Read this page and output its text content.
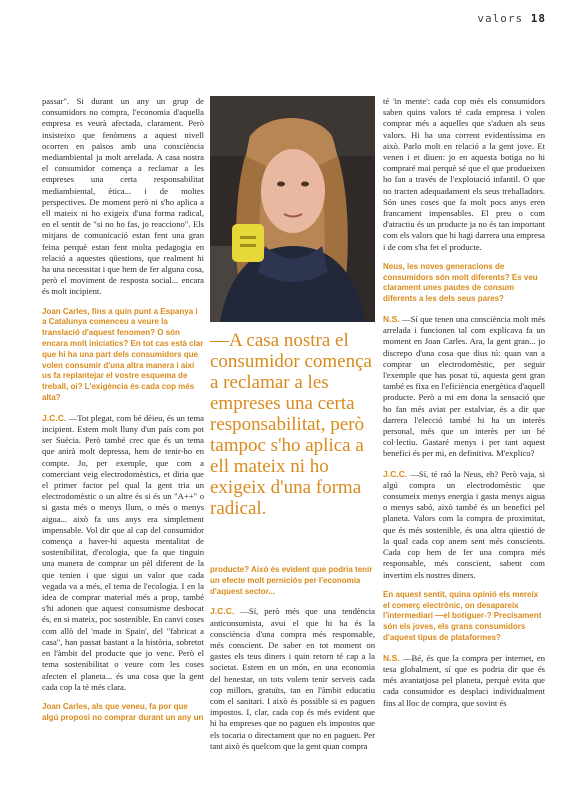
valors 18

passar". Si durant un any un grup de consumidors no compra, l'economia d'aquella empresa es veurà afectada, clarament. Però insisteixo que fenòmens a aquest nivell ocorren en països amb una consciència mediambiental ja molt arrelada. A casa nostra el consumidor comença a reclamar a les empreses una certa responsabilitat mediambiental, ètica... i de moltes perspectives. De moment però ni s'ho aplica a ell mateix ni ho exigeix d'una forma radical, en el sentit de "si no ho fas, jo reacciono". Els mitjans de comunicació estan fent una gran feina perquè estan fent molta pedagogia en relació a aquestes qüestions, que realment hi ha una necessitat i que hem de fer alguna cosa, però el moviment de resposta social... encara és molt incipient.

Joan Carles, fins a quin punt a Espanya i a Catalunya comenceu a veure la translació d'aquest fenomen? O són encara molt inicíatics? En tot cas està clar que hi ha una part dels consumidors que volen consumir d'una altra manera i així us fa replantejar el vostre esquema de treball, oi? L'exigència és cada cop més alta?

J.C.C. —Tot plegat, com bé dèieu, és un tema incipient. Estem molt lluny d'un país com pot ser Suècia. Però també crec que és un tema que anirà molt depressa, hem de tenir-ho en compte. Jo, per exemple, que com a comerciant veig electrodomèstics, et diria que el primer factor pel qual la gent tria un electrodomèstic o un altre és si és un "A++" o si gasta més o menys llum, o més o menys aigua... això fa uns anys era simplement impensable. Vol dir que al cap del consumidor comença a haver-hi aquesta mentalitat de sostenibilitat, d'ecologia, que fa que tinguin una manera de comprar un pèl diferent de la que tenien i que sigui un valor que cada vegada va a més, el tema de l'ecologia. I en la idea de comprar material més a prop, també s'hi adonen que aquest consumisme desbocat és, en si mateix, poc sostenible. En canvi coses com allò del 'made in Spain', del "fabricat a casa", han passat bastant a la història, sobretot en l'àmbit del producte que jo venc. Però el tema sostenibilitat o veure com les coses afecten el planeta... és una cosa que la gent cada cop la té més clara.

Joan Carles, als que veneu, fa por que algú proposi no comprar durant un any un

—A casa nostra el consumidor comença a reclamar a les empreses una certa responsabilitat, però tampoc s'ho aplica a ell mateix ni ho exigeix d'una forma radical.

producte? Això és evident que podria tenir un efecte molt perniciós per l'economia d'aquest sector...

J.C.C. —Sí, però més que una tendència anticonsumista, avui el que hi ha és la consciència d'una compra més responsable, més conscient. De saber en tot moment on gastes els teus diners i quin retorn té cap a la societat. Estem en un món, en una economia del benestar, on tots volem tenir serveis cada cop millors, gratuïts, tan en l'àmbit educatiu com el sanitari. I això és possible si es paguen impostos. I, clar, cada cop és més evident que hi ha empreses que no paguen els impostos que els tocaria o directament que no en paguen. Per tant això és quelcom que la gent quan compra

té 'in mente': cada cop més els consumidors saben quins valors té cada empresa i volen comprar més a aquelles que s'aduen als seus valors. Hi ha una corrent evidentíssima en això. Parlo molt en relació a la gent jove. Et venen i et diuen: jo en aquesta botiga no hi compraré mai perquè sé que el que produeixen ho fan a través de l'explotació infantil. O que no tracten adequadament els seus treballadors. Són unes coses que fa molt pocs anys eren francament impensables. El preu o com d'atractiu és un producte ja no és tan important com els valors que hi hagi darrera una empresa i de com s'ha fet el producte.

Neus, les noves generacions de consumidors són molt diferents? Es veu clarament unes pautes de consum diferents a les dels seus pares?

N.S. —Sí que tenen una consciència molt més arrelada i funcionen tal com explicava fa un moment en Joan Carles. Ara, la gent gran... jo discrepo d'una cosa que dius tú: quan van a comprar un electrodomèstic, per seguir l'exemple que has posat tú, aquesta gent gran també es fixa en l'eficiència energètica d'aquell producte. Però a mi em dona la sensació que ho fan més aviat per estalviar, és a dir que darrera l'elecció també hi ha un interès personal, més que un interès per un bé col·lectiu. Gastaré menys i per tant aquest benefici és per mi, en definitiva. M'explico?

J.C.C. —Sí, té raó la Neus, eh? Però vaja, si algú compra un electrodomèstic que consumeix menys energia i gasta menys aigua o menys sabó, això també és un benefici pel planeta. Valors com la compra de proximitat, que és més sostenible, és una altra qüestió de la qual cada cop anem sent més conscients. Cada cop hem de fer una compra més responsable, més conscient, sabent com invertim els nostres diners.

En aquest sentit, quina opinió els mereix el comerç electrònic, on desapareix l'intermediari —el botiguer-? Precisament són els joves, els grans consumidors d'aquest tipus de plataformes?

N.S. —Bé, és que la compra per internet, en tesa globalment, sí que es podria dir que és més avantatjosa pel planeta, perquè evita que cada consumidor es desplaci individualment fins al lloc de compra, que sovint és
